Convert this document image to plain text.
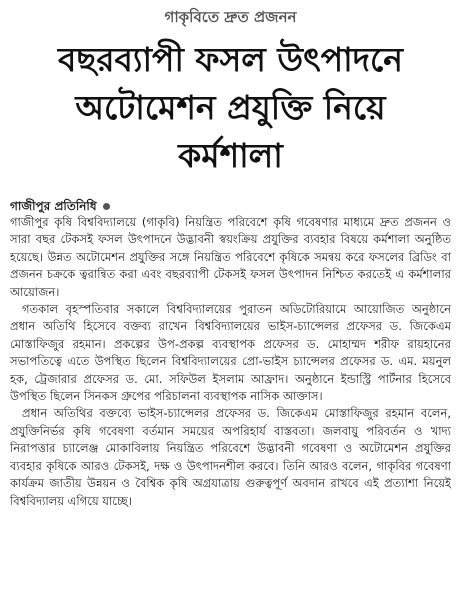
গাকৃবিতে দ্রুত প্রজনন
বছরব্যাপী ফসল উৎপাদনে
অটোমেশন প্রযুক্তি নিয়ে
কর্মশালা
গাজীপুর প্রতিনিধি

গাজীপুর কৃষি বিশ্ববিদ্যালয়ে (গাকৃবি) নিয়ন্ত্রিত পরিবেশে কৃষি গবেষণার মাধ্যমে দ্রুত প্রজনন ও সারা বছর টেকসই ফসল উৎপাদনে উদ্ভাবনী স্বয়ংক্রিয় প্রযুক্তির ব্যবহার বিষয়ে কর্মশালা অনুষ্ঠিত হয়েছে। উন্নত অটোমেশন প্রযুক্তির সঙ্গে নিয়ন্ত্রিত পরিবেশে কৃষিকে সমন্বয় করে ফসলের ব্রিডিং বা প্রজনন চক্রকে ত্বরান্বিত করা এবং বছরব্যাপী টেকসই ফসল উৎপাদন নিশ্চিত করতেই এ কর্মশালার আয়োজন।

গতকাল বৃহস্পতিবার সকালে বিশ্ববিদ্যালয়ের পুরাতন অডিটোরিয়ামে আয়োজিত অনুষ্ঠানে প্রধান অতিথি হিসেবে বক্তব্য রাখেন বিশ্ববিদ্যালয়ের ভাইস-চ্যান্সেলর প্রফেসর ড. জিকেএম মোস্তাফিজুর রহমান। প্রকল্পের উপ-প্রকল্প ব্যবস্থাপক প্রফেসর ড. মোহাম্মদ শরীফ রায়হানের সভাপতিত্বে এতে উপস্থিত ছিলেন বিশ্ববিদ্যালয়ের প্রো-ভাইস চ্যান্সেলর প্রফেসর ড. এম. ময়নুল হক, ট্রেজারার প্রফেসর ড. মো. সফিউল ইসলাম আফ্রাদ। অনুষ্ঠানে ইন্ডাস্ট্রি পার্টনার হিসেবে উপস্থিত ছিলেন সিনকস গ্রুপের পরিচালনা ব্যবস্থাপক নাসিক আক্তাস।

প্রধান অতিথির বক্তব্যে ভাইস-চ্যান্সেলর প্রফেসর ড. জিকেএম মোস্তাফিজুর রহমান বলেন, প্রযুক্তিনির্ভর কৃষি গবেষণা বর্তমান সময়ের অপরিহার্য বাস্তবতা। জলবায়ু পরিবর্তন ও খাদ্য নিরাপত্তার চ্যালেঞ্জ মোকাবিলায় নিয়ন্ত্রিত পরিবেশে উদ্ভাবনী গবেষণা ও অটোমেশন প্রযুক্তির ব্যবহার কৃষিকে আরও টেকসই, দক্ষ ও উৎপাদনশীল করবে। তিনি আরও বলেন, গাকৃবির গবেষণা কার্যক্রম জাতীয় উন্নয়ন ও বৈশ্বিক কৃষি অগ্রযাত্রায় গুরুত্বপূর্ণ অবদান রাখবে এই প্রত্যাশা নিয়েই বিশ্ববিদ্যালয় এগিয়ে যাচ্ছে।
